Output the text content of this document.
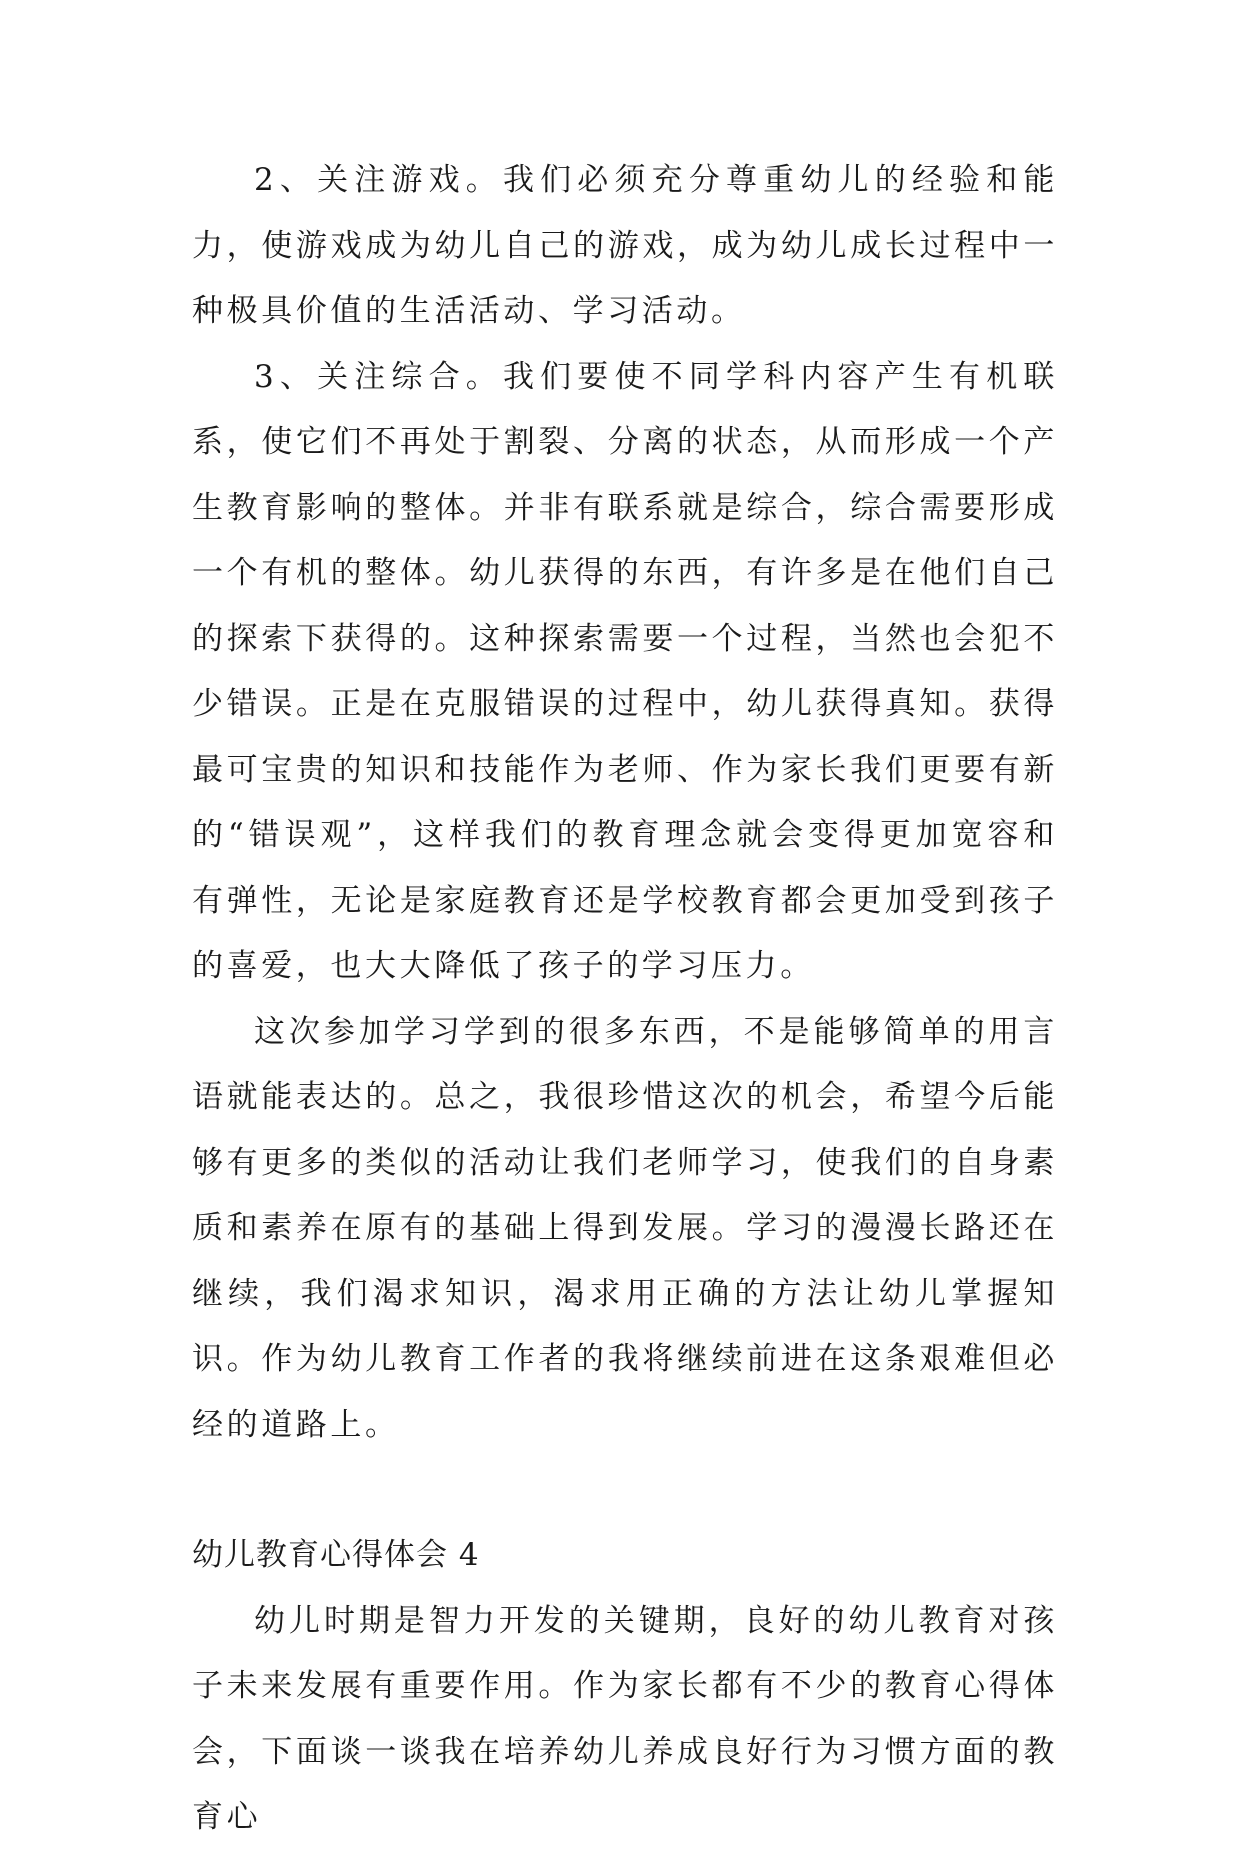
2、关注游戏。我们必须充分尊重幼儿的经验和能力，使游戏成为幼儿自己的游戏，成为幼儿成长过程中一种极具价值的生活活动、学习活动。

3、关注综合。我们要使不同学科内容产生有机联系，使它们不再处于割裂、分离的状态，从而形成一个产生教育影响的整体。并非有联系就是综合，综合需要形成一个有机的整体。幼儿获得的东西，有许多是在他们自己的探索下获得的。这种探索需要一个过程，当然也会犯不少错误。正是在克服错误的过程中，幼儿获得真知。获得最可宝贵的知识和技能作为老师、作为家长我们更要有新的“错误观”，这样我们的教育理念就会变得更加宽容和有弹性，无论是家庭教育还是学校教育都会更加受到孩子的喜爱，也大大降低了孩子的学习压力。

这次参加学习学到的很多东西，不是能够简单的用言语就能表达的。总之，我很珍惜这次的机会，希望今后能够有更多的类似的活动让我们老师学习，使我们的自身素质和素养在原有的基础上得到发展。学习的漫漫长路还在继续，我们渴求知识，渴求用正确的方法让幼儿掌握知识。作为幼儿教育工作者的我将继续前进在这条艰难但必经的道路上。

幼儿教育心得体会 4

幼儿时期是智力开发的关键期，良好的幼儿教育对孩子未来发展有重要作用。作为家长都有不少的教育心得体会，下面谈一谈我在培养幼儿养成良好行为习惯方面的教育心
